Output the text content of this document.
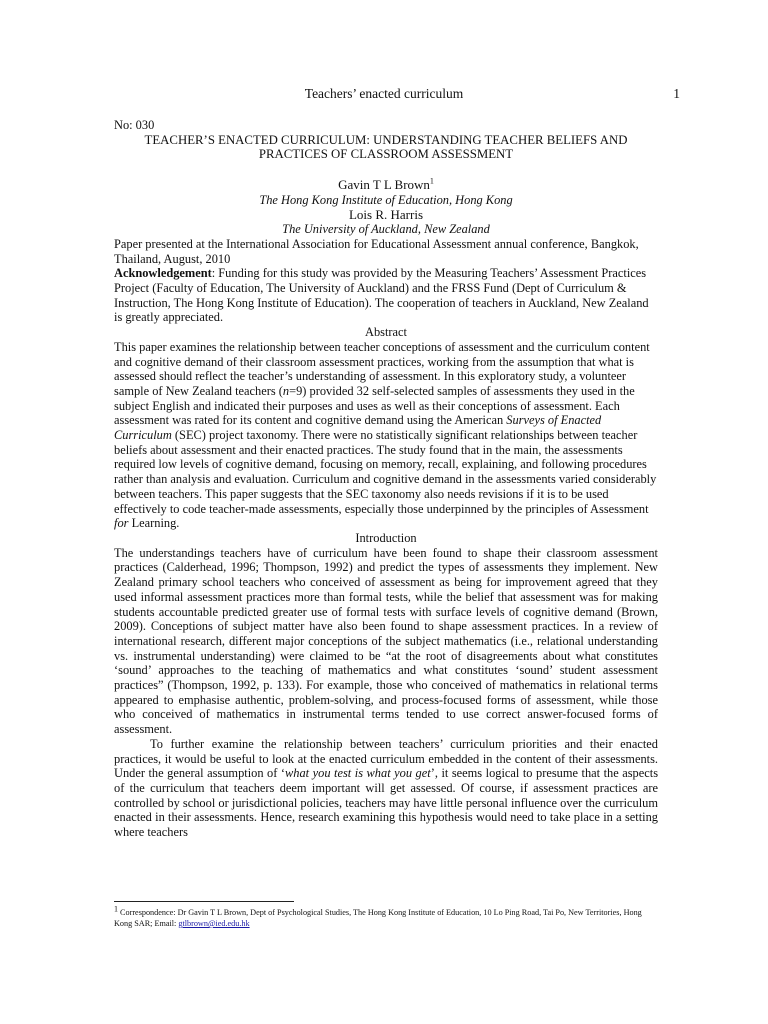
Teachers’ enacted curriculum	1

No: 030

TEACHER’S ENACTED CURRICULUM: UNDERSTANDING TEACHER BELIEFS AND PRACTICES OF CLASSROOM ASSESSMENT

Gavin T L Brown$^1$

The Hong Kong Institute of Education, Hong Kong

Lois R. Harris

The University of Auckland, New Zealand

Paper presented at the International Association for Educational Assessment annual conference, Bangkok, Thailand, August, 2010

Acknowledgement: Funding for this study was provided by the Measuring Teachers’ Assessment Practices Project (Faculty of Education, The University of Auckland) and the FRSS Fund (Dept of Curriculum & Instruction, The Hong Kong Institute of Education). The cooperation of teachers in Auckland, New Zealand is greatly appreciated.

Abstract

This paper examines the relationship between teacher conceptions of assessment and the curriculum content and cognitive demand of their classroom assessment practices, working from the assumption that what is assessed should reflect the teacher’s understanding of assessment. In this exploratory study, a volunteer sample of New Zealand teachers (n=9) provided 32 self-selected samples of assessments they used in the subject English and indicated their purposes and uses as well as their conceptions of assessment. Each assessment was rated for its content and cognitive demand using the American Surveys of Enacted Curriculum (SEC) project taxonomy. There were no statistically significant relationships between teacher beliefs about assessment and their enacted practices. The study found that in the main, the assessments required low levels of cognitive demand, focusing on memory, recall, explaining, and following procedures rather than analysis and evaluation. Curriculum and cognitive demand in the assessments varied considerably between teachers. This paper suggests that the SEC taxonomy also needs revisions if it is to be used effectively to code teacher-made assessments, especially those underpinned by the principles of Assessment for Learning.

Introduction

The understandings teachers have of curriculum have been found to shape their classroom assessment practices (Calderhead, 1996; Thompson, 1992) and predict the types of assessments they implement. New Zealand primary school teachers who conceived of assessment as being for improvement agreed that they used informal assessment practices more than formal tests, while the belief that assessment was for making students accountable predicted greater use of formal tests with surface levels of cognitive demand (Brown, 2009). Conceptions of subject matter have also been found to shape assessment practices. In a review of international research, different major conceptions of the subject mathematics (i.e., relational understanding vs. instrumental understanding) were claimed to be “at the root of disagreements about what constitutes ‘sound’ approaches to the teaching of mathematics and what constitutes ‘sound’ student assessment practices” (Thompson, 1992, p. 133). For example, those who conceived of mathematics in relational terms appeared to emphasise authentic, problem-solving, and process-focused forms of assessment, while those who conceived of mathematics in instrumental terms tended to use correct answer-focused forms of assessment.

To further examine the relationship between teachers’ curriculum priorities and their enacted practices, it would be useful to look at the enacted curriculum embedded in the content of their assessments. Under the general assumption of ‘what you test is what you get’, it seems logical to presume that the aspects of the curriculum that teachers deem important will get assessed. Of course, if assessment practices are controlled by school or jurisdictional policies, teachers may have little personal influence over the curriculum enacted in their assessments. Hence, research examining this hypothesis would need to take place in a setting where teachers

1 Correspondence: Dr Gavin T L Brown, Dept of Psychological Studies, The Hong Kong Institute of Education, 10 Lo Ping Road, Tai Po, New Territories, Hong Kong SAR; Email: gtlbrown@ied.edu.hk
